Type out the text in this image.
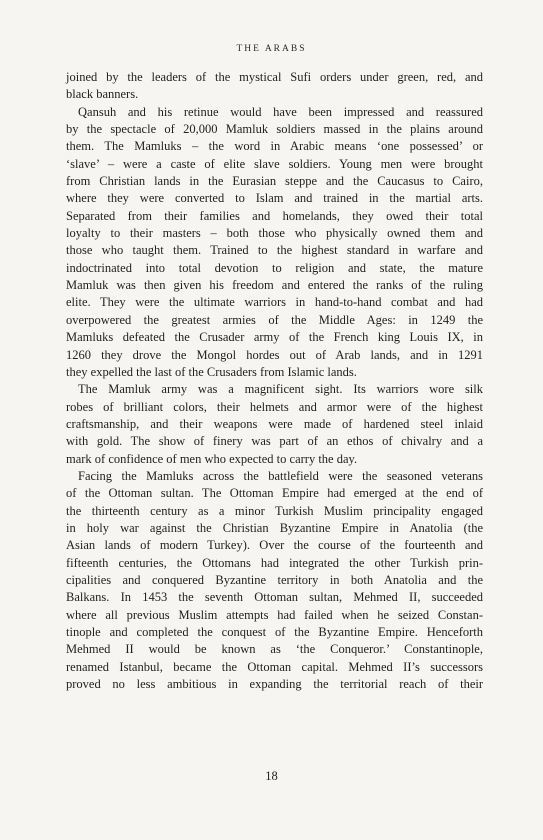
THE ARABS

joined by the leaders of the mystical Sufi orders under green, red, and
black banners.

Qansuh and his retinue would have been impressed and reassured
by the spectacle of 20,000 Mamluk soldiers massed in the plains around
them. The Mamluks – the word in Arabic means ‘one possessed’ or
‘slave’ – were a caste of elite slave soldiers. Young men were brought
from Christian lands in the Eurasian steppe and the Caucasus to Cairo,
where they were converted to Islam and trained in the martial arts.
Separated from their families and homelands, they owed their total
loyalty to their masters – both those who physically owned them and
those who taught them. Trained to the highest standard in warfare and
indoctrinated into total devotion to religion and state, the mature
Mamluk was then given his freedom and entered the ranks of the ruling
elite. They were the ultimate warriors in hand-to-hand combat and had
overpowered the greatest armies of the Middle Ages: in 1249 the
Mamluks defeated the Crusader army of the French king Louis IX, in
1260 they drove the Mongol hordes out of Arab lands, and in 1291
they expelled the last of the Crusaders from Islamic lands.

The Mamluk army was a magnificent sight. Its warriors wore silk
robes of brilliant colors, their helmets and armor were of the highest
craftsmanship, and their weapons were made of hardened steel inlaid
with gold. The show of finery was part of an ethos of chivalry and a
mark of confidence of men who expected to carry the day.

Facing the Mamluks across the battlefield were the seasoned veterans
of the Ottoman sultan. The Ottoman Empire had emerged at the end of
the thirteenth century as a minor Turkish Muslim principality engaged
in holy war against the Christian Byzantine Empire in Anatolia (the
Asian lands of modern Turkey). Over the course of the fourteenth and
fifteenth centuries, the Ottomans had integrated the other Turkish prin-
cipalities and conquered Byzantine territory in both Anatolia and the
Balkans. In 1453 the seventh Ottoman sultan, Mehmed II, succeeded
where all previous Muslim attempts had failed when he seized Constan-
tinople and completed the conquest of the Byzantine Empire. Henceforth
Mehmed II would be known as ‘the Conqueror.’ Constantinople,
renamed Istanbul, became the Ottoman capital. Mehmed II’s successors
proved no less ambitious in expanding the territorial reach of their

18
